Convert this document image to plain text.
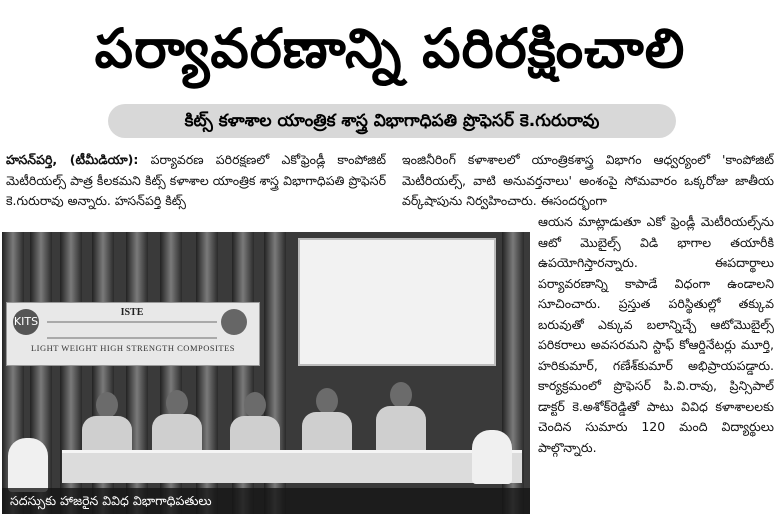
పర్యావరణాన్ని పరిరక్షించాలి
కిట్స్ కళాశాల యాంత్రిక శాస్త్ర విభాగాధిపతి ప్రొఫెసర్ కె.గురురావు
హసన్‌పర్తి, (టీమీడియా): పర్యావరణ పరిరక్షణలో ఎకోఫ్రెండ్లీ కాంపోజిట్ మెటీరియల్స్ పాత్ర కీలకమని కిట్స్ కళాశాల యాంత్రిక శాస్త్ర విభాగాధిపతి ప్రొఫెసర్ కె.గురురావు అన్నారు. హసన్‌పర్తి కిట్స్
ఇంజినీరింగ్ కళాశాలలో యాంత్రికశాస్త్ర విభాగం ఆధ్వర్యంలో 'కాంపోజిట్ మెటీరియల్స్, వాటి అనువర్తనాలు' అంశంపై సోమవారం ఒక్కరోజు జాతీయ వర్క్‌షాపును నిర్వహించారు. ఈసందర్భంగా
ఆయన మాట్లాడుతూ ఎకో ఫ్రెండ్లీ మెటీరియల్స్‌ను ఆటో మొబైల్స్ విడి భాగాల తయారీకి ఉపయోగిస్తారన్నారు. ఈపదార్థాలు పర్యావరణాన్ని కాపాడే విధంగా ఉండాలని సూచించారు. ప్రస్తుత పరిస్థితుల్లో తక్కువ బరువుతో ఎక్కువ బలాన్నిచ్చే ఆటోమొబైల్స్ పరికరాలు అవసరమని స్టాఫ్ కోఆర్డినేటర్లు మూర్తి, హరికుమార్, గణేశ్‌కుమార్ అభిప్రాయపడ్డారు. కార్యక్రమంలో ప్రొఫెసర్ పి.వి.రావు, ప్రిన్సిపాల్ డాక్టర్ కె.అశోక్‌రెడ్డితో పాటు వివిధ కళాశాలలకు చెందిన సుమారు 120 మంది విద్యార్థులు పాల్గొన్నారు.
KITS
ISTE
LIGHT WEIGHT HIGH STRENGTH COMPOSITES
సదస్సుకు హాజరైన వివిధ విభాగాధిపతులు
